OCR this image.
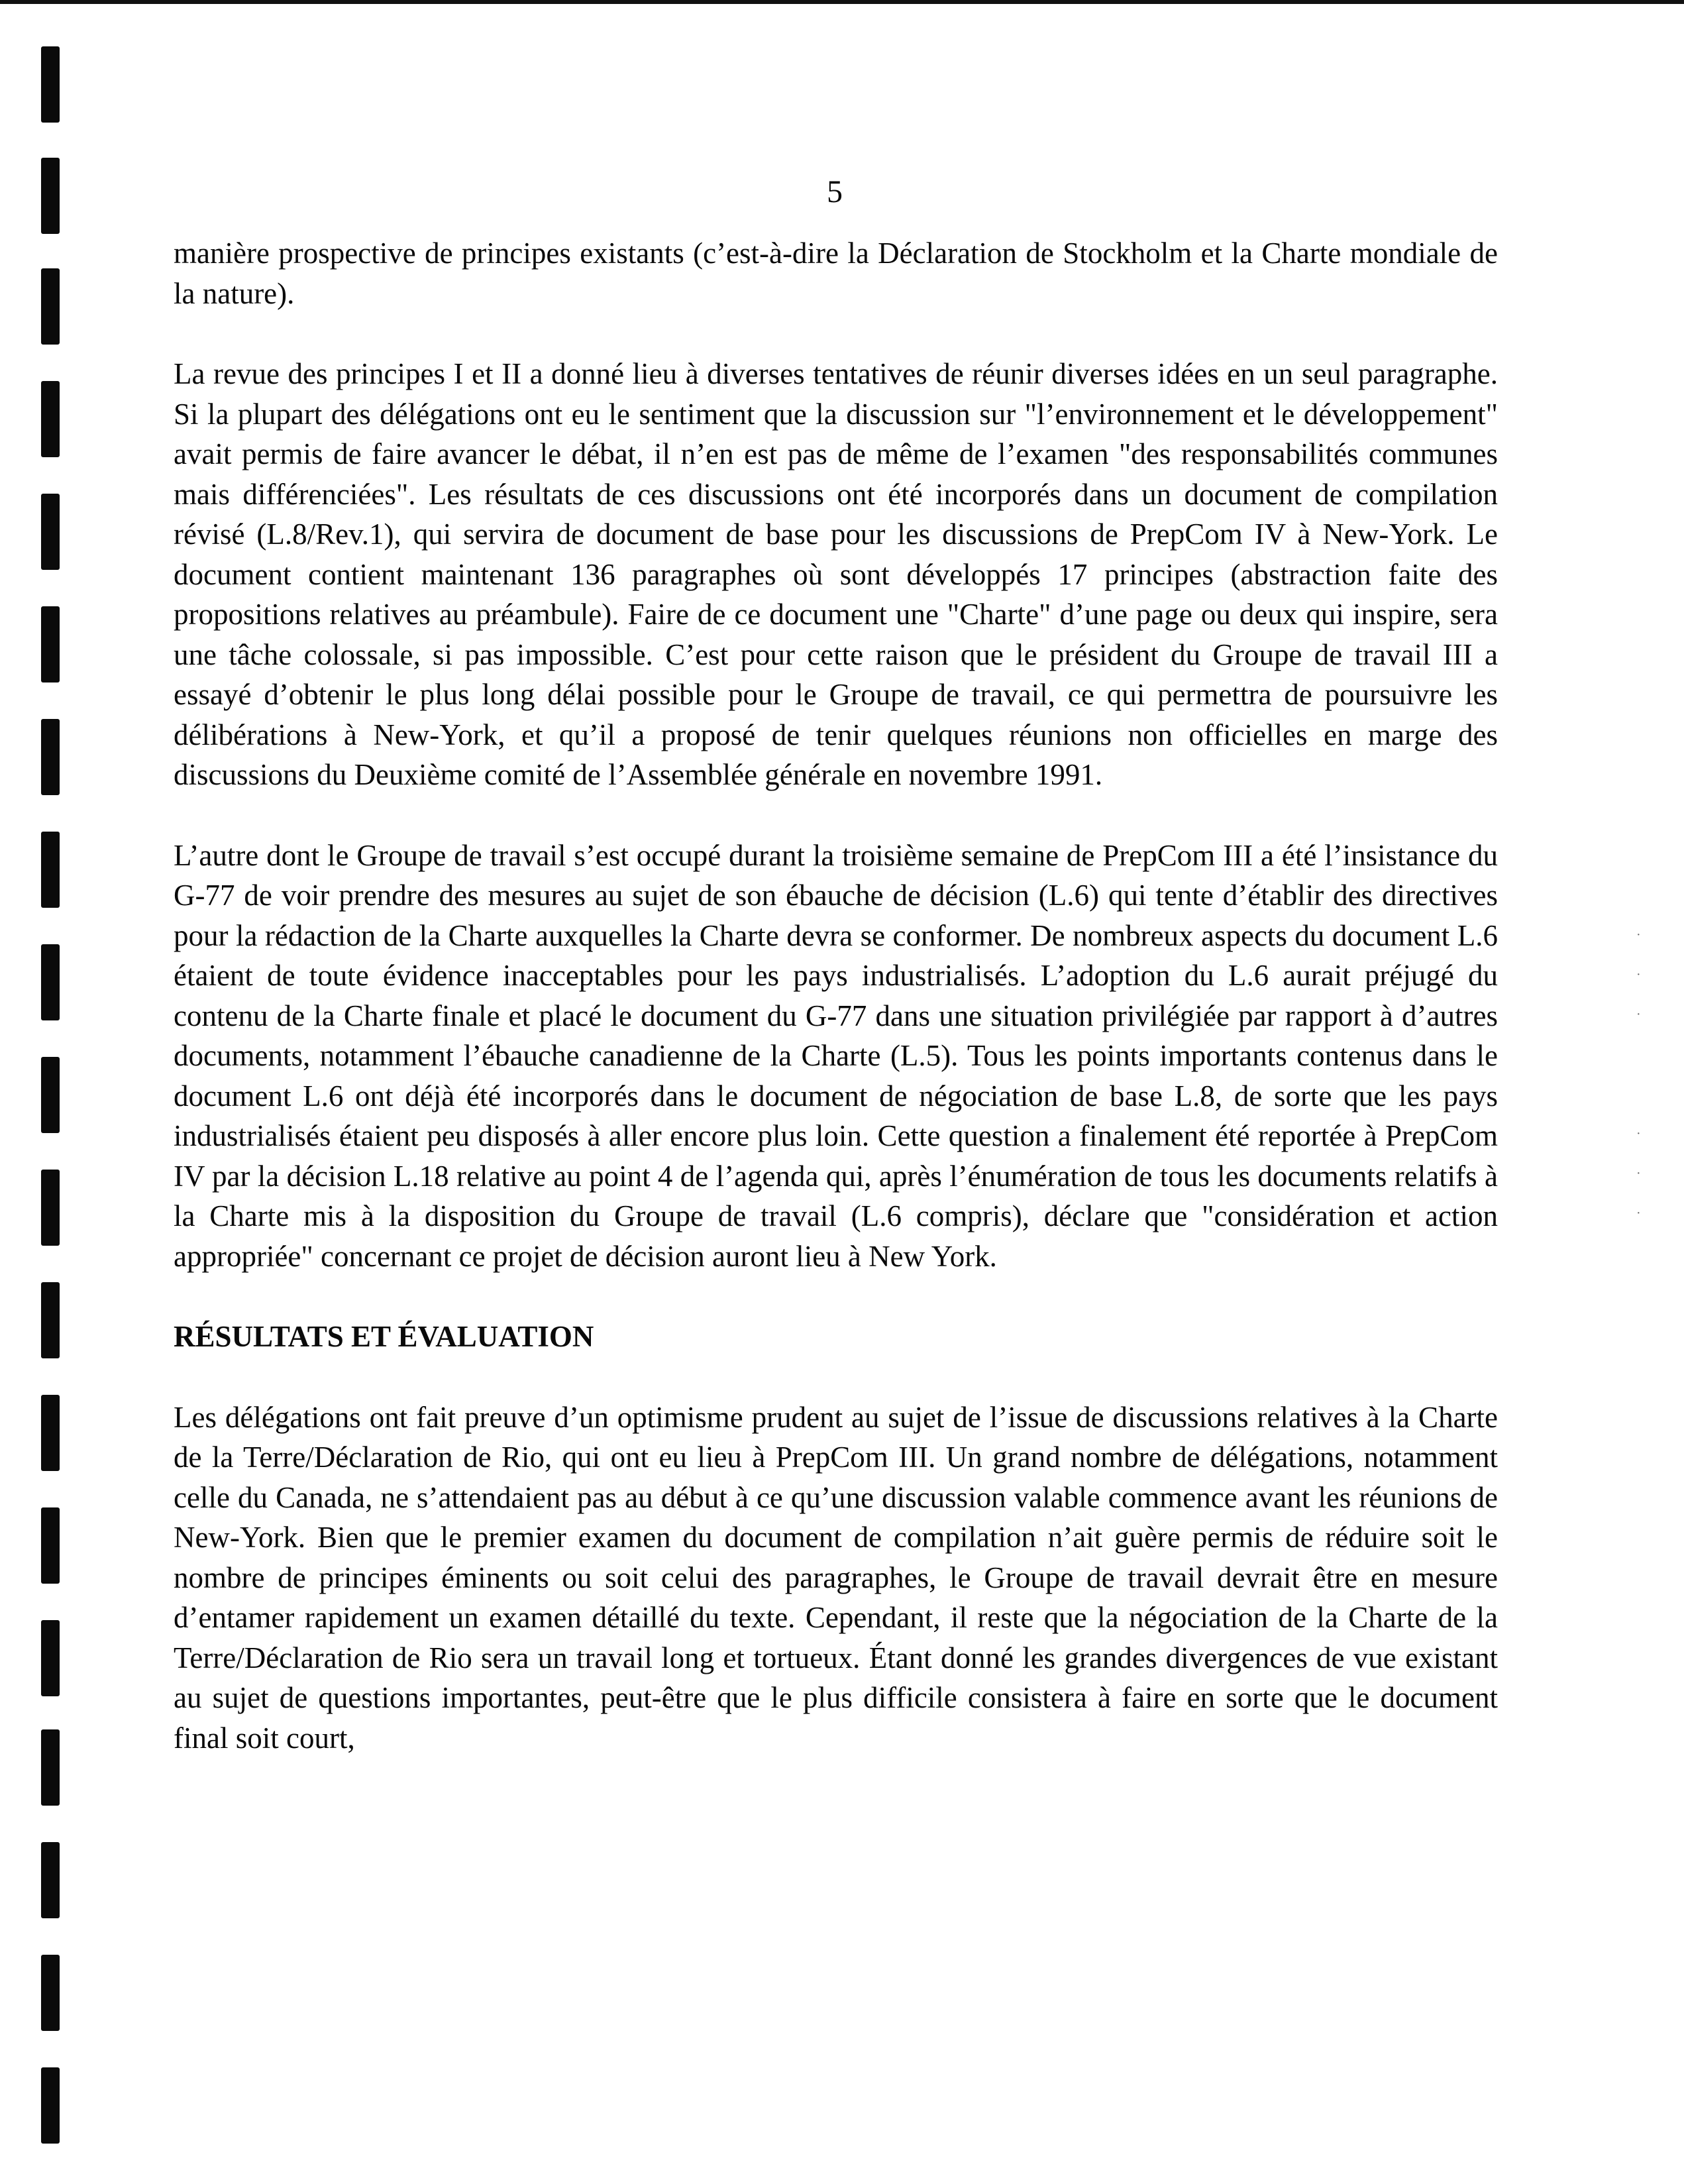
·
·
·
·
·
·
5

manière prospective de principes existants (c’est-à-dire la Déclaration de Stockholm et la Charte mondiale de la nature).

La revue des principes I et II a donné lieu à diverses tentatives de réunir diverses idées en un seul paragraphe. Si la plupart des délégations ont eu le sentiment que la discussion sur "l’environnement et le développement" avait permis de faire avancer le débat, il n’en est pas de même de l’examen "des responsabilités communes mais différenciées". Les résultats de ces discussions ont été incorporés dans un document de compilation révisé (L.8/Rev.1), qui servira de document de base pour les discussions de PrepCom IV à New-York. Le document contient maintenant 136 paragraphes où sont développés 17 principes (abstraction faite des propositions relatives au préambule). Faire de ce document une "Charte" d’une page ou deux qui inspire, sera une tâche colossale, si pas impossible. C’est pour cette raison que le président du Groupe de travail III a essayé d’obtenir le plus long délai possible pour le Groupe de travail, ce qui permettra de poursuivre les délibérations à New-York, et qu’il a proposé de tenir quelques réunions non officielles en marge des discussions du Deuxième comité de l’Assemblée générale en novembre 1991.

L’autre dont le Groupe de travail s’est occupé durant la troisième semaine de PrepCom III a été l’insistance du G-77 de voir prendre des mesures au sujet de son ébauche de décision (L.6) qui tente d’établir des directives pour la rédaction de la Charte auxquelles la Charte devra se conformer. De nombreux aspects du document L.6 étaient de toute évidence inacceptables pour les pays industrialisés. L’adoption du L.6 aurait préjugé du contenu de la Charte finale et placé le document du G-77 dans une situation privilégiée par rapport à d’autres documents, notamment l’ébauche canadienne de la Charte (L.5). Tous les points importants contenus dans le document L.6 ont déjà été incorporés dans le document de négociation de base L.8, de sorte que les pays industrialisés étaient peu disposés à aller encore plus loin. Cette question a finalement été reportée à PrepCom IV par la décision L.18 relative au point 4 de l’agenda qui, après l’énumération de tous les documents relatifs à la Charte mis à la disposition du Groupe de travail (L.6 compris), déclare que "considération et action appropriée" concernant ce projet de décision auront lieu à New York.

RÉSULTATS ET ÉVALUATION

Les délégations ont fait preuve d’un optimisme prudent au sujet de l’issue de discussions relatives à la Charte de la Terre/Déclaration de Rio, qui ont eu lieu à PrepCom III. Un grand nombre de délégations, notamment celle du Canada, ne s’attendaient pas au début à ce qu’une discussion valable commence avant les réunions de New-York. Bien que le premier examen du document de compilation n’ait guère permis de réduire soit le nombre de principes éminents ou soit celui des paragraphes, le Groupe de travail devrait être en mesure d’entamer rapidement un examen détaillé du texte. Cependant, il reste que la négociation de la Charte de la Terre/Déclaration de Rio sera un travail long et tortueux. Étant donné les grandes divergences de vue existant au sujet de questions importantes, peut-être que le plus difficile consistera à faire en sorte que le document final soit court,
